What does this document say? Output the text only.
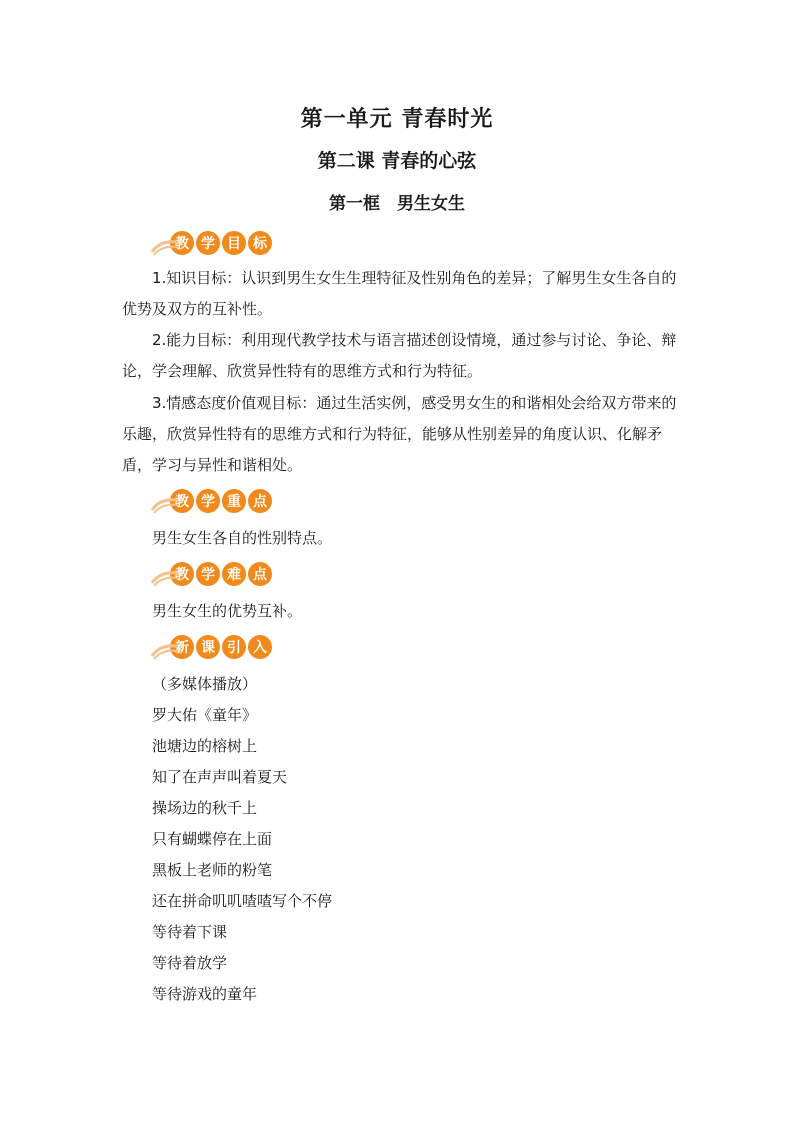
第一单元 青春时光
第二课 青春的心弦
第一框　男生女生
教 学 目 标

1.知识目标：认识到男生女生生理特征及性别角色的差异；了解男生女生各自的优势及双方的互补性。

2.能力目标：利用现代教学技术与语言描述创设情境，通过参与讨论、争论、辩论，学会理解、欣赏异性特有的思维方式和行为特征。

3.情感态度价值观目标：通过生活实例，感受男女生的和谐相处会给双方带来的乐趣，欣赏异性特有的思维方式和行为特征，能够从性别差异的角度认识、化解矛盾，学习与异性和谐相处。

教 学 重 点

男生女生各自的性别特点。

教 学 难 点

男生女生的优势互补。

新 课 引 入

（多媒体播放）

罗大佑《童年》

池塘边的榕树上

知了在声声叫着夏天

操场边的秋千上

只有蝴蝶停在上面

黑板上老师的粉笔

还在拼命叽叽喳喳写个不停

等待着下课

等待着放学

等待游戏的童年
